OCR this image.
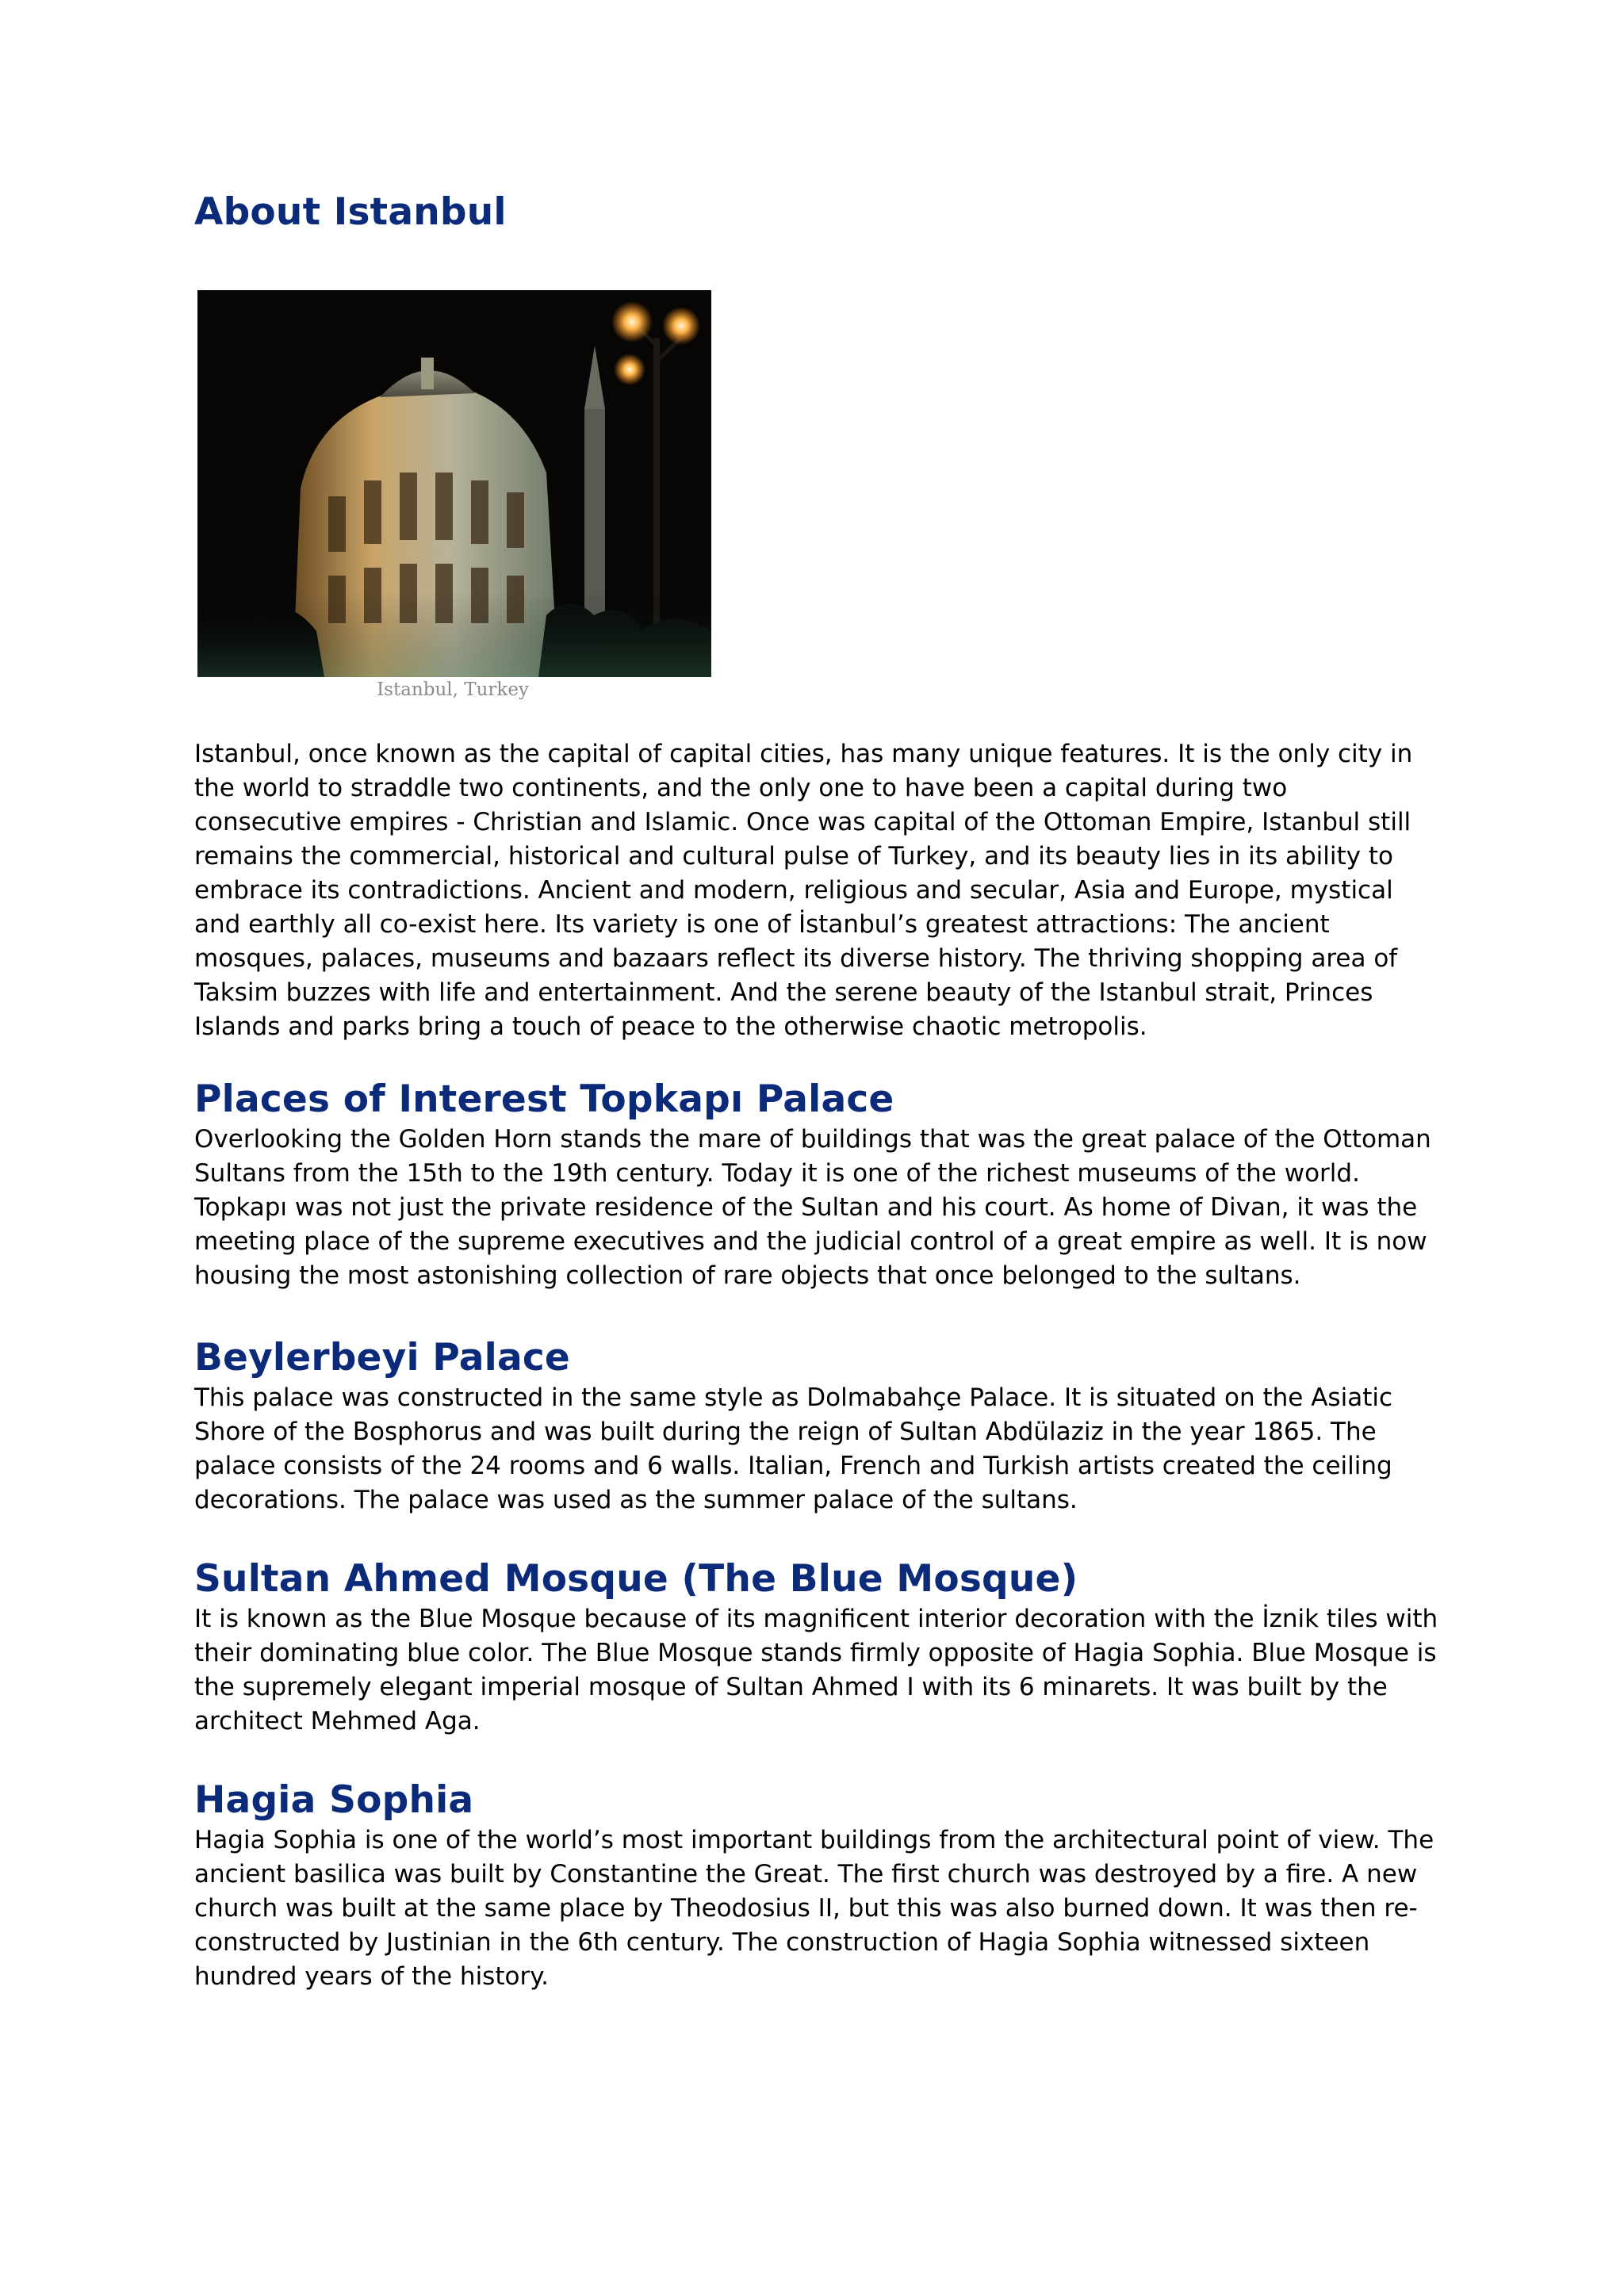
About Istanbul
Istanbul, Turkey

Istanbul, once known as the capital of capital cities, has many unique features. It is the only city in the world to straddle two continents, and the only one to have been a capital during two consecutive empires - Christian and Islamic. Once was capital of the Ottoman Empire, Istanbul still remains the commercial, historical and cultural pulse of Turkey, and its beauty lies in its ability to embrace its contradictions. Ancient and modern, religious and secular, Asia and Europe, mystical and earthly all co-exist here. Its variety is one of İstanbul’s greatest attractions: The ancient mosques, palaces, museums and bazaars reflect its diverse history. The thriving shopping area of Taksim buzzes with life and entertainment. And the serene beauty of the Istanbul strait, Princes Islands and parks bring a touch of peace to the otherwise chaotic metropolis.

Places of Interest Topkapı Palace

Overlooking the Golden Horn stands the mare of buildings that was the great palace of the Ottoman Sultans from the 15th to the 19th century. Today it is one of the richest museums of the world. Topkapı was not just the private residence of the Sultan and his court. As home of Divan, it was the meeting place of the supreme executives and the judicial control of a great empire as well. It is now housing the most astonishing collection of rare objects that once belonged to the sultans.

Beylerbeyi Palace

This palace was constructed in the same style as Dolmabahçe Palace. It is situated on the Asiatic Shore of the Bosphorus and was built during the reign of Sultan Abdülaziz in the year 1865. The palace consists of the 24 rooms and 6 walls. Italian, French and Turkish artists created the ceiling decorations. The palace was used as the summer palace of the sultans.

Sultan Ahmed Mosque (The Blue Mosque)

It is known as the Blue Mosque because of its magnificent interior decoration with the İznik tiles with their dominating blue color. The Blue Mosque stands firmly opposite of Hagia Sophia. Blue Mosque is the supremely elegant imperial mosque of Sultan Ahmed I with its 6 minarets. It was built by the architect Mehmed Aga.

Hagia Sophia

Hagia Sophia is one of the world’s most important buildings from the architectural point of view. The ancient basilica was built by Constantine the Great. The first church was destroyed by a fire. A new church was built at the same place by Theodosius II, but this was also burned down. It was then re-constructed by Justinian in the 6th century. The construction of Hagia Sophia witnessed sixteen hundred years of the history.
